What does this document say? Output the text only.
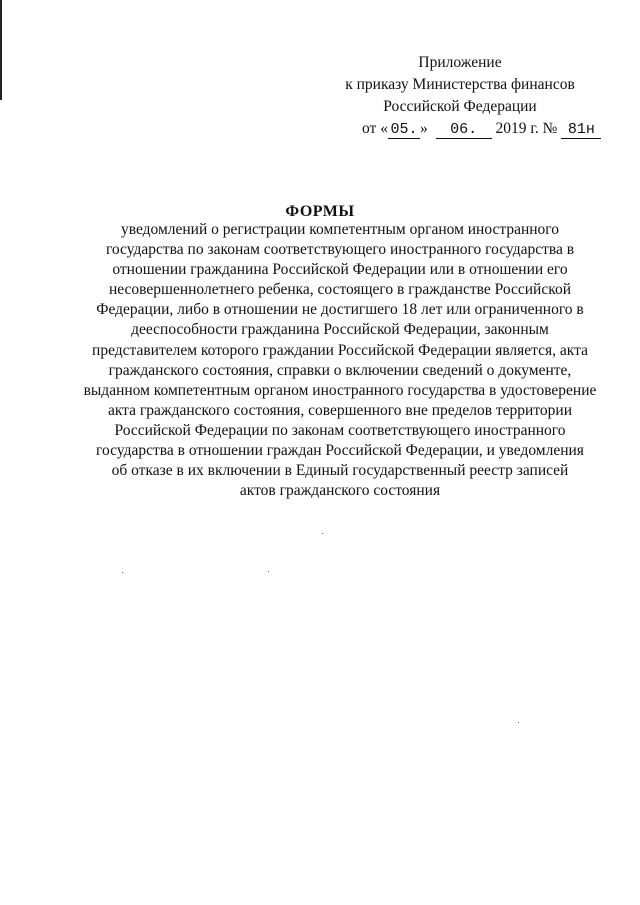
Приложение
к приказу Министерства финансов
Российской Федерации
от « 05. » 06. 2019 г. № 81н
ФОРМЫ
уведомлений о регистрации компетентным органом иностранного
государства по законам соответствующего иностранного государства в
отношении гражданина Российской Федерации или в отношении его
несовершеннолетнего ребенка, состоящего в гражданстве Российской
Федерации, либо в отношении не достигшего 18 лет или ограниченного в
дееспособности гражданина Российской Федерации, законным
представителем которого граждании Российской Федерации является, акта
гражданского состояния, справки о включении сведений о документе,
выданном компетентным органом иностранного государства в удостоверение
акта гражданского состояния, совершенного вне пределов территории
Российской Федерации по законам соответствующего иностранного
государства в отношении граждан Российской Федерации, и уведомления
об отказе в их включении в Единый государственный реестр записей
актов гражданского состояния
